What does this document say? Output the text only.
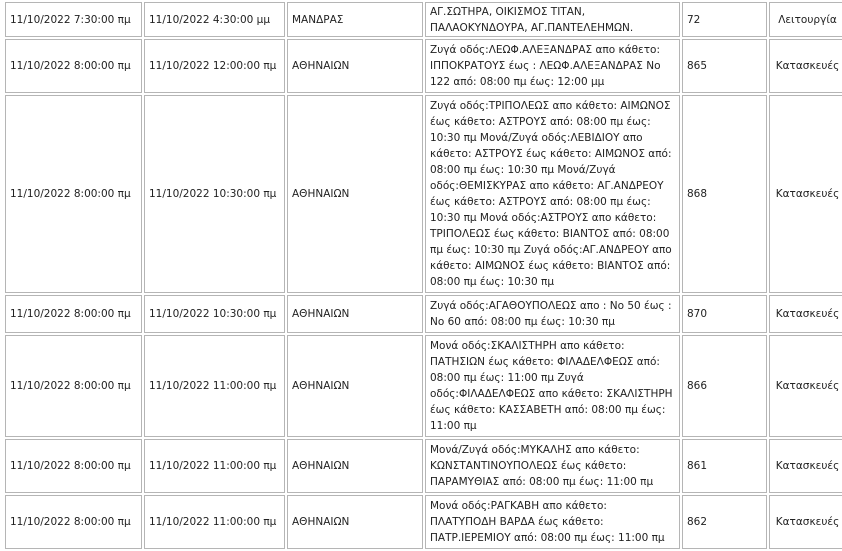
11/10/2022 7:30:00 πμ	11/10/2022 4:30:00 μμ	ΜΑΝΔΡΑΣ	ΑΓ.ΣΩΤΗΡΑ, ΟΙΚΙΣΜΟΣ ΤΙΤΑΝ, ΠΑΛΑΟΚΥΝΔΟΥΡΑ, ΑΓ.ΠΑΝΤΕΛΕΗΜΩΝ.	72	Λειτουργία
11/10/2022 8:00:00 πμ	11/10/2022 12:00:00 πμ	ΑΘΗΝΑΙΩΝ	Ζυγά οδός:ΛΕΩΦ.ΑΛΕΞΑΝΔΡΑΣ απο κάθετο: ΙΠΠΟΚΡΑΤΟΥΣ έως : ΛΕΩΦ.ΑΛΕΞΑΝΔΡΑΣ Νο 122 από: 08:00 πμ έως: 12:00 μμ	865	Κατασκευές
11/10/2022 8:00:00 πμ	11/10/2022 10:30:00 πμ	ΑΘΗΝΑΙΩΝ	Ζυγά οδός:ΤΡΙΠΟΛΕΩΣ απο κάθετο: ΑΙΜΩΝΟΣ έως κάθετο: ΑΣΤΡΟΥΣ από: 08:00 πμ έως: 10:30 πμ Μονά/Ζυγά οδός:ΛΕΒΙΔΙΟΥ απο κάθετο: ΑΣΤΡΟΥΣ έως κάθετο: ΑΙΜΩΝΟΣ από: 08:00 πμ έως: 10:30 πμ Μονά/Ζυγά οδός:ΘΕΜΙΣΚΥΡΑΣ απο κάθετο: ΑΓ.ΑΝΔΡΕΟΥ έως κάθετο: ΑΣΤΡΟΥΣ από: 08:00 πμ έως: 10:30 πμ Μονά οδός:ΑΣΤΡΟΥΣ απο κάθετο: ΤΡΙΠΟΛΕΩΣ έως κάθετο: ΒΙΑΝΤΟΣ από: 08:00 πμ έως: 10:30 πμ Ζυγά οδός:ΑΓ.ΑΝΔΡΕΟΥ απο κάθετο: ΑΙΜΩΝΟΣ έως κάθετο: ΒΙΑΝΤΟΣ από: 08:00 πμ έως: 10:30 πμ	868	Κατασκευές
11/10/2022 8:00:00 πμ	11/10/2022 10:30:00 πμ	ΑΘΗΝΑΙΩΝ	Ζυγά οδός:ΑΓΑΘΟΥΠΟΛΕΩΣ απο : Νο 50 έως : Νο 60 από: 08:00 πμ έως: 10:30 πμ	870	Κατασκευές
11/10/2022 8:00:00 πμ	11/10/2022 11:00:00 πμ	ΑΘΗΝΑΙΩΝ	Μονά οδός:ΣΚΑΛΙΣΤΗΡΗ απο κάθετο: ΠΑΤΗΣΙΩΝ έως κάθετο: ΦΙΛΑΔΕΛΦΕΩΣ από: 08:00 πμ έως: 11:00 πμ Ζυγά οδός:ΦΙΛΑΔΕΛΦΕΩΣ απο κάθετο: ΣΚΑΛΙΣΤΗΡΗ έως κάθετο: ΚΑΣΣΑΒΕΤΗ από: 08:00 πμ έως: 11:00 πμ	866	Κατασκευές
11/10/2022 8:00:00 πμ	11/10/2022 11:00:00 πμ	ΑΘΗΝΑΙΩΝ	Μονά/Ζυγά οδός:ΜΥΚΑΛΗΣ απο κάθετο: ΚΩΝΣΤΑΝΤΙΝΟΥΠΟΛΕΩΣ έως κάθετο: ΠΑΡΑΜΥΘΙΑΣ από: 08:00 πμ έως: 11:00 πμ	861	Κατασκευές
11/10/2022 8:00:00 πμ	11/10/2022 11:00:00 πμ	ΑΘΗΝΑΙΩΝ	Μονά οδός:ΡΑΓΚΑΒΗ απο κάθετο: ΠΛΑΤΥΠΟΔΗ ΒΑΡΔΑ έως κάθετο: ΠΑΤΡ.ΙΕΡΕΜΙΟΥ από: 08:00 πμ έως: 11:00 πμ	862	Κατασκευές
